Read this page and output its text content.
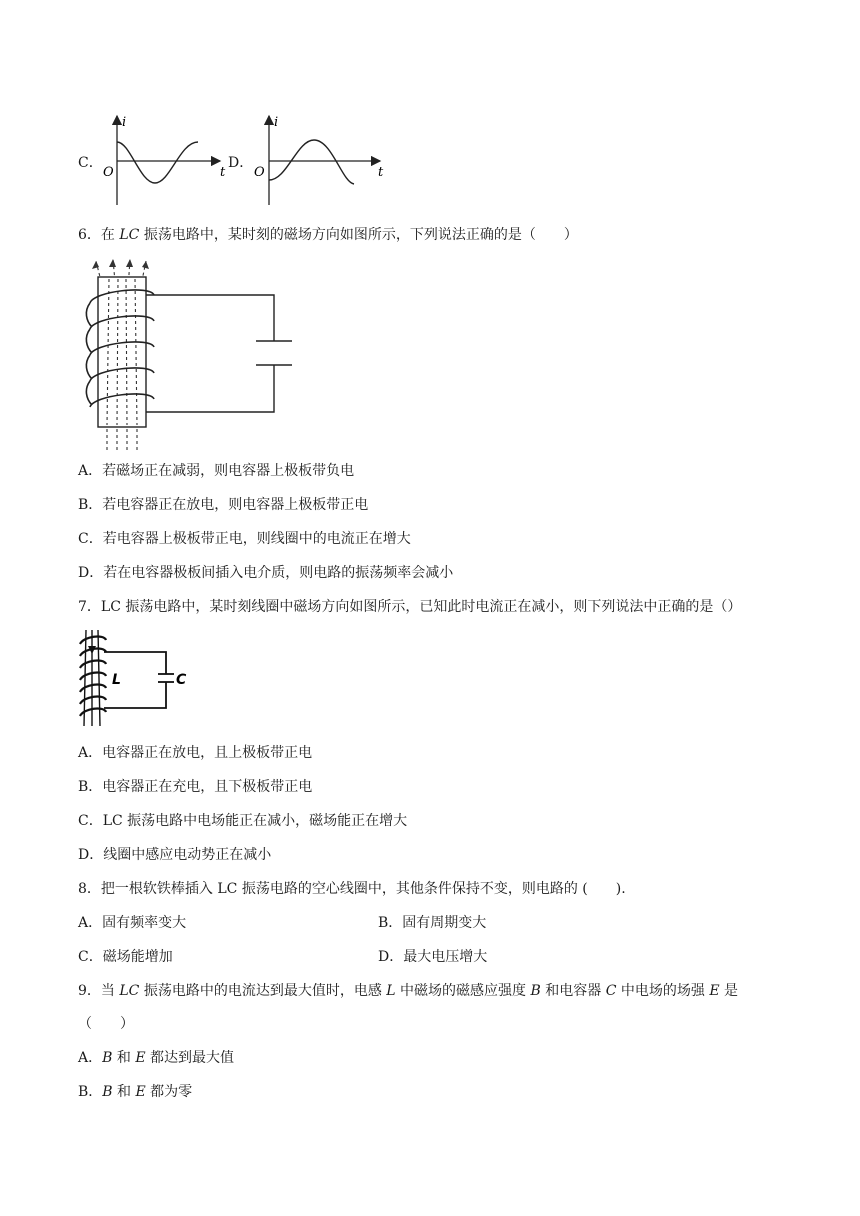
C．
i
t
O
D．
i
t
O
6．在 LC 振荡电路中，某时刻的磁场方向如图所示，下列说法正确的是（　　）
A．若磁场正在减弱，则电容器上极板带负电
B．若电容器正在放电，则电容器上极板带正电
C．若电容器上极板带正电，则线圈中的电流正在增大
D．若在电容器极板间插入电介质，则电路的振荡频率会减小
7．LC 振荡电路中，某时刻线圈中磁场方向如图所示，已知此时电流正在减小，则下列说法中正确的是（）
L	C
A．电容器正在放电，且上极板带正电
B．电容器正在充电，且下极板带正电
C．LC 振荡电路中电场能正在减小，磁场能正在增大
D．线圈中感应电动势正在减小
8．把一根软铁棒插入 LC 振荡电路的空心线圈中，其他条件保持不变，则电路的 (　　).
A．固有频率变大	B．固有周期变大
C．磁场能增加	D．最大电压增大
9．当 LC 振荡电路中的电流达到最大值时，电感 L 中磁场的磁感应强度 B 和电容器 C 中电场的场强 E 是
（　　）
A．B 和 E 都达到最大值
B．B 和 E 都为零
